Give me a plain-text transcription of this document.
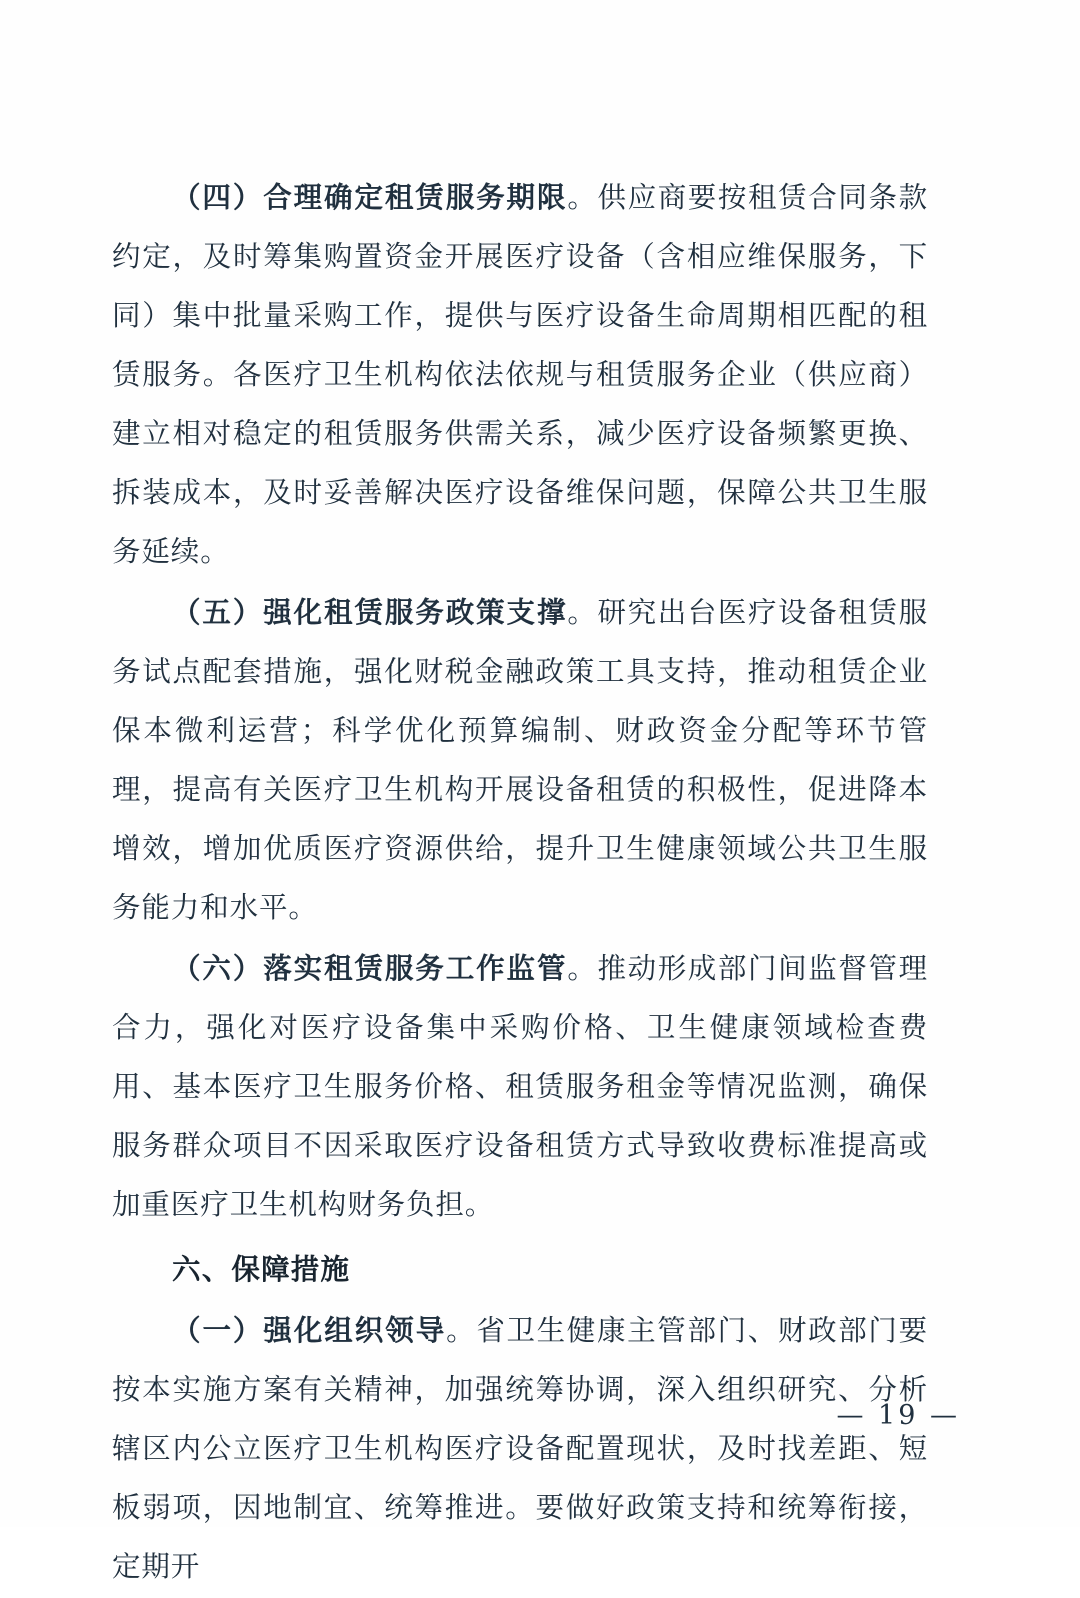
（四）合理确定租赁服务期限。供应商要按租赁合同条款约定，及时筹集购置资金开展医疗设备（含相应维保服务，下同）集中批量采购工作，提供与医疗设备生命周期相匹配的租赁服务。各医疗卫生机构依法依规与租赁服务企业（供应商）建立相对稳定的租赁服务供需关系，减少医疗设备频繁更换、拆装成本，及时妥善解决医疗设备维保问题，保障公共卫生服务延续。

（五）强化租赁服务政策支撑。研究出台医疗设备租赁服务试点配套措施，强化财税金融政策工具支持，推动租赁企业保本微利运营；科学优化预算编制、财政资金分配等环节管理，提高有关医疗卫生机构开展设备租赁的积极性，促进降本增效，增加优质医疗资源供给，提升卫生健康领域公共卫生服务能力和水平。

（六）落实租赁服务工作监管。推动形成部门间监督管理合力，强化对医疗设备集中采购价格、卫生健康领域检查费用、基本医疗卫生服务价格、租赁服务租金等情况监测，确保服务群众项目不因采取医疗设备租赁方式导致收费标准提高或加重医疗卫生机构财务负担。

六、保障措施

（一）强化组织领导。省卫生健康主管部门、财政部门要按本实施方案有关精神，加强统筹协调，深入组织研究、分析辖区内公立医疗卫生机构医疗设备配置现状，及时找差距、短板弱项，因地制宜、统筹推进。要做好政策支持和统筹衔接，定期开

— 19 —
